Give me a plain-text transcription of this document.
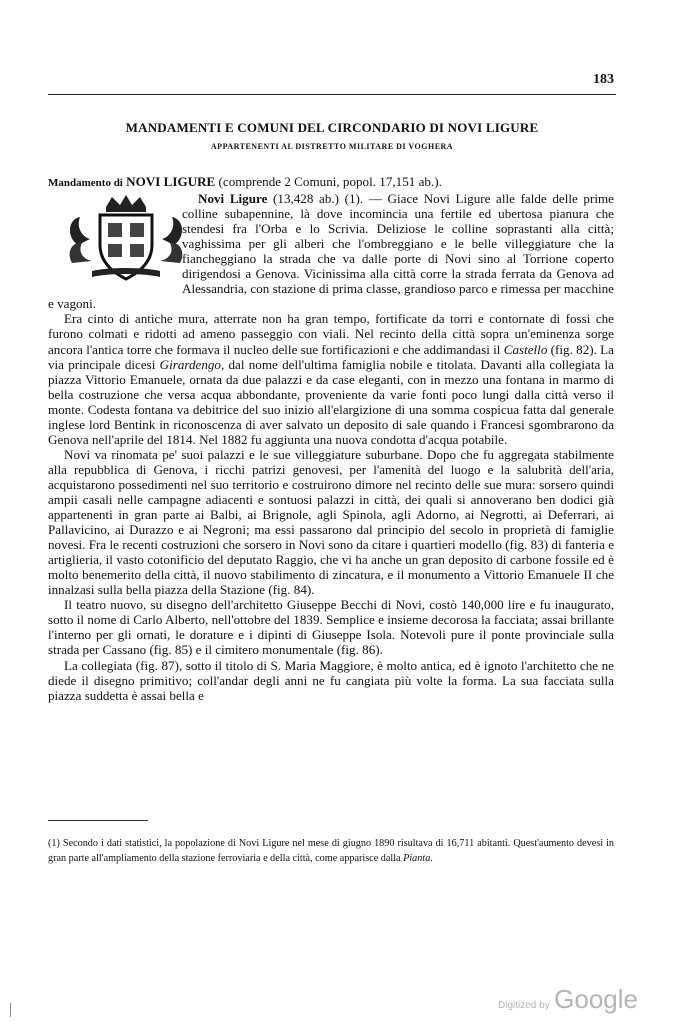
183
MANDAMENTI E COMUNI DEL CIRCONDARIO DI NOVI LIGURE
APPARTENENTI AL DISTRETTO MILITARE DI VOGHERA

Mandamento di NOVI LIGURE (comprende 2 Comuni, popol. 17,151 ab.).

Novi Ligure (13,428 ab.) (1). — Giace Novi Ligure alle falde delle prime colline subapennine, là dove incomincia una fertile ed ubertosa pianura che stendesi fra l'Orba e lo Scrivia. Deliziose le colline soprastanti alla città; vaghissima per gli alberi che l'ombreggiano e le belle villeggiature che la fiancheggiano la strada che va dalle porte di Novi sino al Torrione coperto dirigendosi a Genova. Vicinissima alla città corre la strada ferrata da Genova ad Alessandria, con stazione di prima classe, grandioso parco e rimessa per macchine e vagoni.

Era cinto di antiche mura, atterrate non ha gran tempo, fortificate da torri e contornate di fossi che furono colmati e ridotti ad ameno passeggio con viali. Nel recinto della città sopra un'eminenza sorge ancora l'antica torre che formava il nucleo delle sue fortificazioni e che addimandasi il Castello (fig. 82). La via principale dicesi Girardengo, dal nome dell'ultima famiglia nobile e titolata. Davanti alla collegiata la piazza Vittorio Emanuele, ornata da due palazzi e da case eleganti, con in mezzo una fontana in marmo di bella costruzione che versa acqua abbondante, proveniente da varie fonti poco lungi dalla città verso il monte. Codesta fontana va debitrice del suo inizio all'elargizione di una somma cospicua fatta dal generale inglese lord Bentink in riconoscenza di aver salvato un deposito di sale quando i Francesi sgombrarono da Genova nell'aprile del 1814. Nel 1882 fu aggiunta una nuova condotta d'acqua potabile.

Novi va rinomata pe' suoi palazzi e le sue villeggiature suburbane. Dopo che fu aggregata stabilmente alla repubblica di Genova, i ricchi patrizi genovesi, per l'amenità del luogo e la salubrità dell'aria, acquistarono possedimenti nel suo territorio e costruirono dimore nel recinto delle sue mura: sorsero quindi ampii casali nelle campagne adiacenti e sontuosi palazzi in città, dei quali si annoverano ben dodici già appartenenti in gran parte ai Balbi, ai Brignole, agli Spinola, agli Adorno, ai Negrotti, ai Deferrari, ai Pallavicino, ai Durazzo e ai Negroni; ma essi passarono dal principio del secolo in proprietà di famiglie novesi. Fra le recenti costruzioni che sorsero in Novi sono da citare i quartieri modello (fig. 83) di fanteria e artiglieria, il vasto cotonificio del deputato Raggio, che vi ha anche un gran deposito di carbone fossile ed è molto benemerito della città, il nuovo stabilimento di zincatura, e il monumento a Vittorio Emanuele II che innalzasi sulla bella piazza della Stazione (fig. 84).

Il teatro nuovo, su disegno dell'architetto Giuseppe Becchi di Novi, costò 140,000 lire e fu inaugurato, sotto il nome di Carlo Alberto, nell'ottobre del 1839. Semplice e insieme decorosa la facciata; assai brillante l'interno per gli ornati, le dorature e i dipinti di Giuseppe Isola. Notevoli pure il ponte provinciale sulla strada per Cassano (fig. 85) e il cimitero monumentale (fig. 86).

La collegiata (fig. 87), sotto il titolo di S. Maria Maggiore, è molto antica, ed è ignoto l'architetto che ne diede il disegno primitivo; coll'andar degli anni ne fu cangiata più volte la forma. La sua facciata sulla piazza suddetta è assai bella e

(1) Secondo i dati statistici, la popolazione di Novi Ligure nel mese di giugno 1890 risultava di 16,711 abitanti. Quest'aumento devesi in gran parte all'ampliamento della stazione ferroviaria e della città, come apparisce dalla Pianta.
Digitized by Google
